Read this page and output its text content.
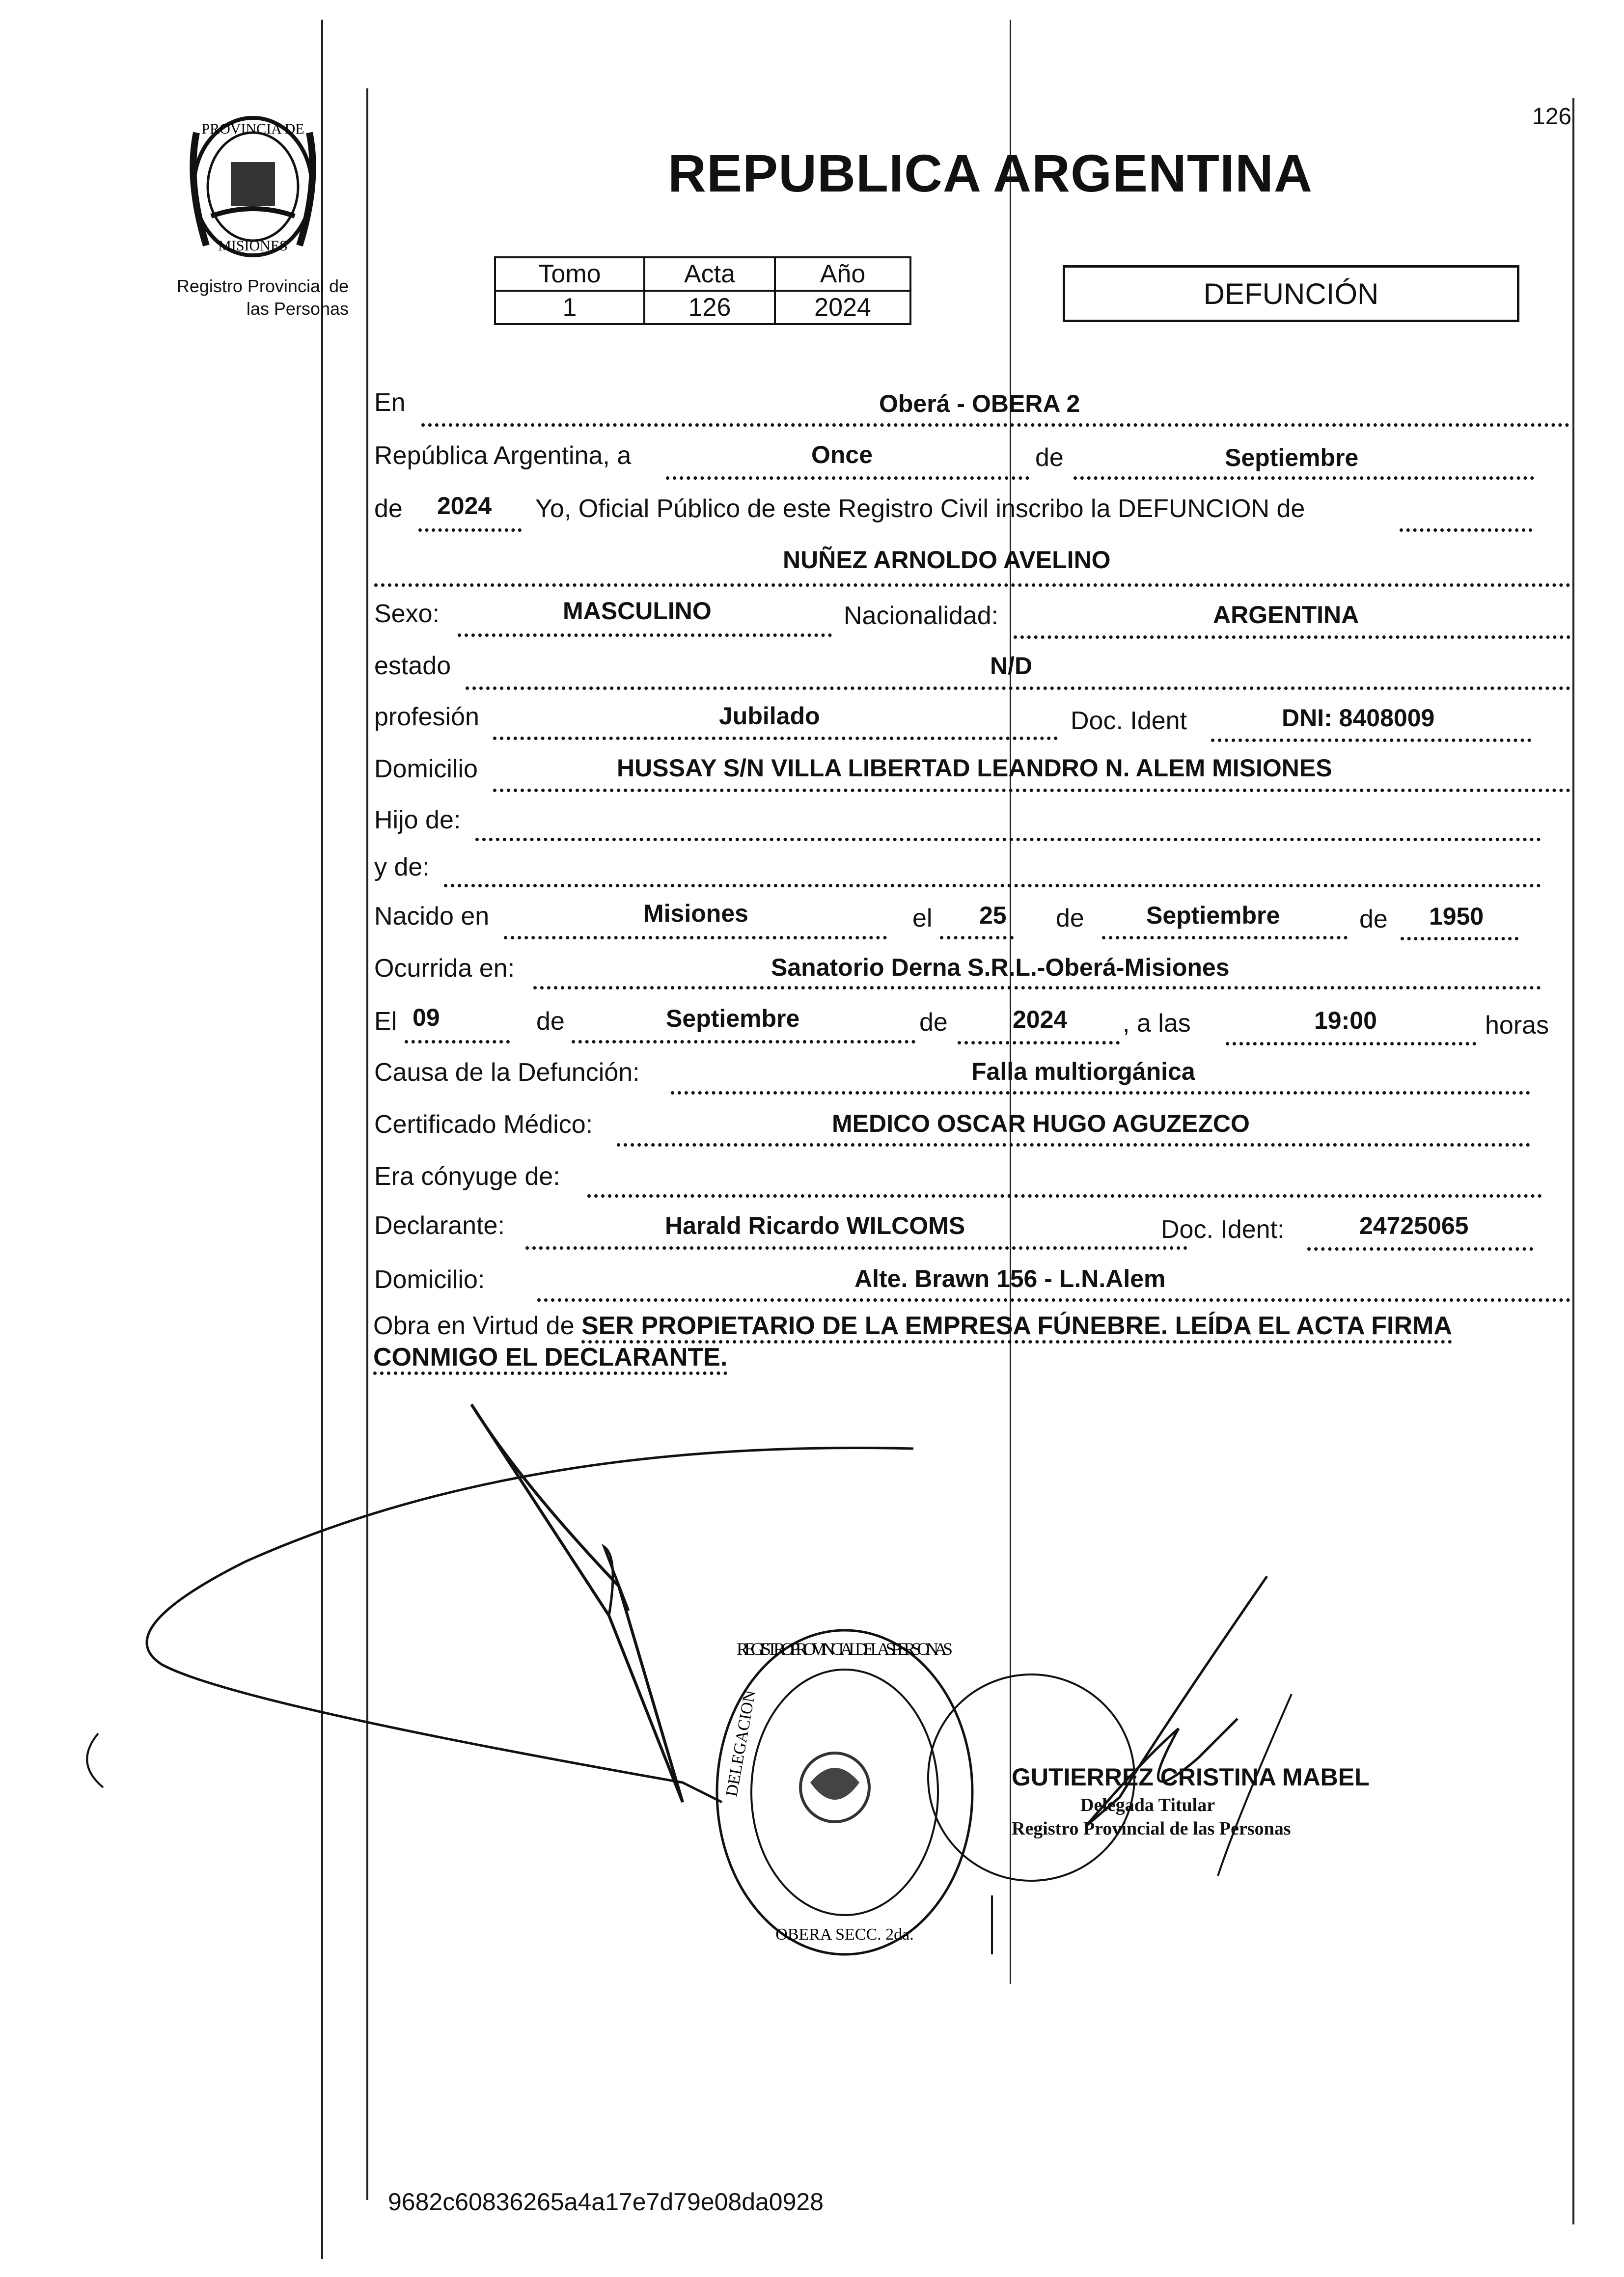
PROVINCIA DE
MISIONES
Registro Provincial de
las Personas
126
REPUBLICA ARGENTINA
Tomo	Acta	Año
1	126	2024	DEFUNCIÓN
En	Oberá - OBERA 2
República Argentina, a	Once	de	Septiembre
de 2024 Yo, Oficial Público de este Registro Civil inscribo la DEFUNCION de
NUÑEZ ARNOLDO AVELINO
Sexo:	MASCULINO	Nacionalidad:	ARGENTINA
estado	N/D
profesión	Jubilado	Doc. Ident	DNI: 8408009
Domicilio	HUSSAY S/N VILLA LIBERTAD LEANDRO N. ALEM MISIONES
Hijo de:
y de:
Nacido en	Misiones	el 25 de	Septiembre	de 1950
Ocurrida en:	Sanatorio Derna S.R.L.-Oberá-Misiones
El 09	de	Septiembre	de	2024 , a las	19:00	horas
Causa de la Defunción:	Falla multiorgánica
Certificado Médico:	MEDICO OSCAR HUGO AGUZEZCO
Era cónyuge de:
Declarante:	Harald Ricardo WILCOMS	Doc. Ident:	24725065
Domicilio:	Alte. Brawn 156 - L.N.Alem
Obra en Virtud de SER PROPIETARIO DE LA EMPRESA FÚNEBRE. LEÍDA EL ACTA FIRMA CONMIGO EL DECLARANTE.
REGISTRO PROVINCIAL DE LAS PERSONAS
DELEGACION
OBERA SECC. 2da.
GUTIERREZ CRISTINA MABEL
Delegada Titular
Registro Provincial de las Personas
9682c60836265a4a17e7d79e08da0928
